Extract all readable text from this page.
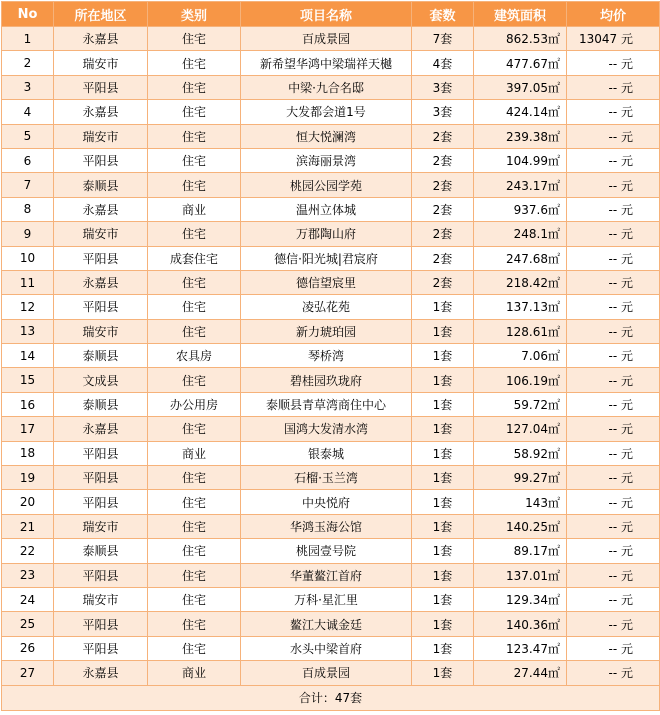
No	所在地区	类别	项目名称	套数	建筑面积	均价
1	永嘉县	住宅	百成景园	7套	862.53㎡	13047 元
2	瑞安市	住宅	新希望华鸿中梁瑞祥天樾	4套	477.67㎡	-- 元
3	平阳县	住宅	中梁·九合名邸	3套	397.05㎡	-- 元
4	永嘉县	住宅	大发都会道1号	3套	424.14㎡	-- 元
5	瑞安市	住宅	恒大悦澜湾	2套	239.38㎡	-- 元
6	平阳县	住宅	滨海丽景湾	2套	104.99㎡	-- 元
7	泰顺县	住宅	桃园公园学苑	2套	243.17㎡	-- 元
8	永嘉县	商业	温州立体城	2套	937.6㎡	-- 元
9	瑞安市	住宅	万郡陶山府	2套	248.1㎡	-- 元
10	平阳县	成套住宅	德信·阳光城|君宸府	2套	247.68㎡	-- 元
11	永嘉县	住宅	德信望宸里	2套	218.42㎡	-- 元
12	平阳县	住宅	凌弘花苑	1套	137.13㎡	-- 元
13	瑞安市	住宅	新力琥珀园	1套	128.61㎡	-- 元
14	泰顺县	农具房	琴桥湾	1套	7.06㎡	-- 元
15	文成县	住宅	碧桂园玖珑府	1套	106.19㎡	-- 元
16	泰顺县	办公用房	泰顺县青草湾商住中心	1套	59.72㎡	-- 元
17	永嘉县	住宅	国鸿大发清水湾	1套	127.04㎡	-- 元
18	平阳县	商业	银泰城	1套	58.92㎡	-- 元
19	平阳县	住宅	石榴·玉兰湾	1套	99.27㎡	-- 元
20	平阳县	住宅	中央悦府	1套	143㎡	-- 元
21	瑞安市	住宅	华鸿玉海公馆	1套	140.25㎡	-- 元
22	泰顺县	住宅	桃园壹号院	1套	89.17㎡	-- 元
23	平阳县	住宅	华董鳌江首府	1套	137.01㎡	-- 元
24	瑞安市	住宅	万科·星汇里	1套	129.34㎡	-- 元
25	平阳县	住宅	鳌江大诚金廷	1套	140.36㎡	-- 元
26	平阳县	住宅	水头中梁首府	1套	123.47㎡	-- 元
27	永嘉县	商业	百成景园	1套	27.44㎡	-- 元
合计：47套						
